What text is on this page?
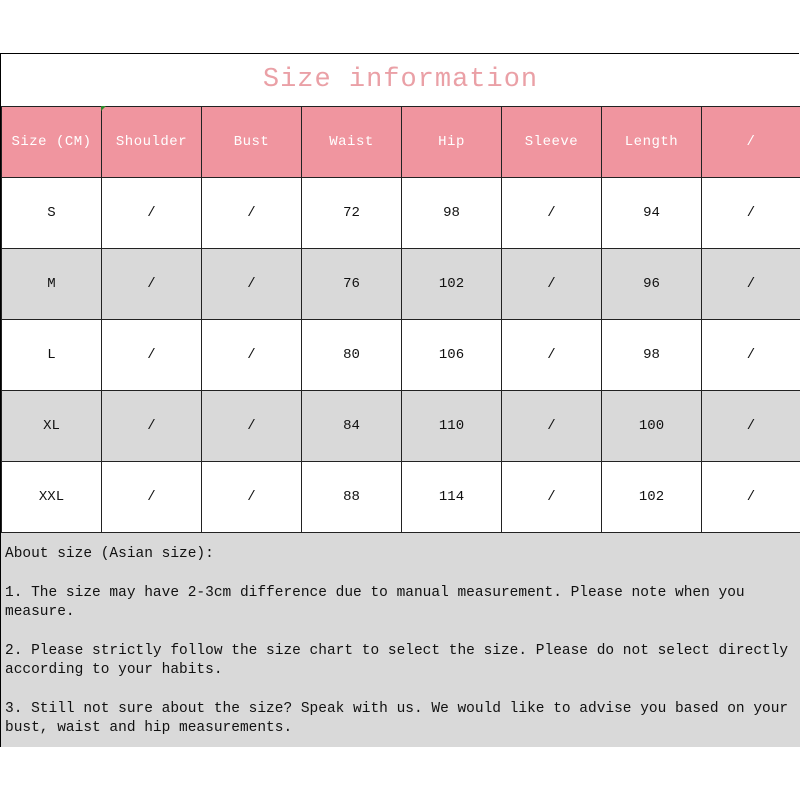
Size information
Size (CM)	Shoulder	Bust	Waist	Hip	Sleeve	Length	/
S	/	/	72	98	/	94	/
M	/	/	76	102	/	96	/
L	/	/	80	106	/	98	/
XL	/	/	84	110	/	100	/
XXL	/	/	88	114	/	102	/

About size (Asian size):

1. The size may have 2-3cm difference due to manual measurement. Please note when you measure.

2. Please strictly follow the size chart to select the size. Please do not select directly according to your habits.

3. Still not sure about the size? Speak with us. We would like to advise you based on your bust, waist and hip measurements.
